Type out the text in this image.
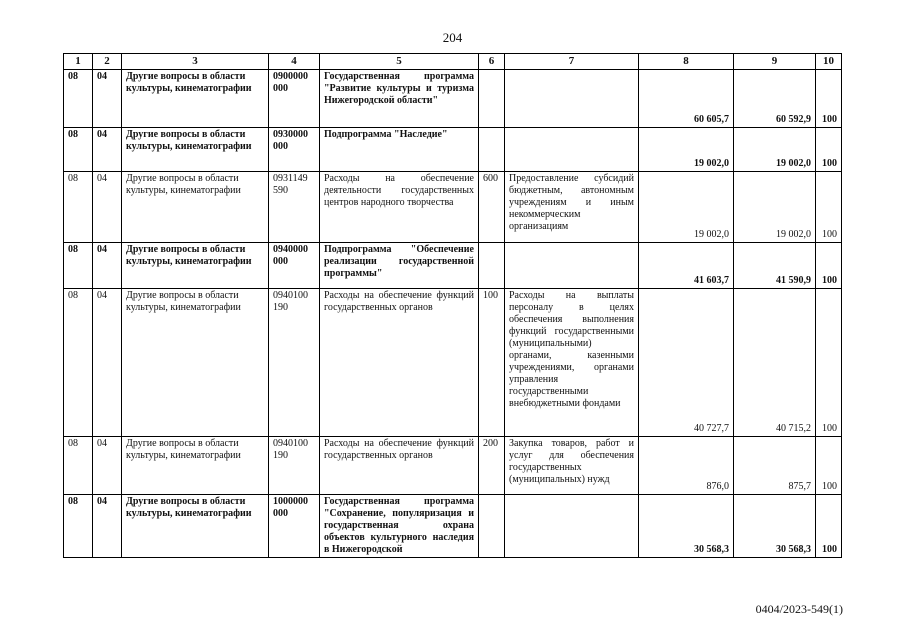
204
1	2	3	4	5	6	7	8	9	10
08	04	Другие вопросы в области культуры, кинематографии	0900000 000	Государственная программа "Развитие культуры и туризма Нижегородской области"			60 605,7	60 592,9	100
08	04	Другие вопросы в области культуры, кинематографии	0930000 000	Подпрограмма "Наследие"			19 002,0	19 002,0	100
08	04	Другие вопросы в области культуры, кинематографии	0931149 590	Расходы на обеспечение деятельности государственных центров народного творчества	600	Предоставление субсидий бюджетным, автономным учреждениям и иным некоммерческим организациям	19 002,0	19 002,0	100
08	04	Другие вопросы в области культуры, кинематографии	0940000 000	Подпрограмма "Обеспечение реализации государственной программы"			41 603,7	41 590,9	100
08	04	Другие вопросы в области культуры, кинематографии	0940100 190	Расходы на обеспечение функций государственных органов	100	Расходы на выплаты персоналу в целях обеспечения выполнения функций государственными (муниципальными) органами, казенными учреждениями, органами управления государственными внебюджетными фондами	40 727,7	40 715,2	100
08	04	Другие вопросы в области культуры, кинематографии	0940100 190	Расходы на обеспечение функций государственных органов	200	Закупка товаров, работ и услуг для обеспечения государственных (муниципальных) нужд	876,0	875,7	100
08	04	Другие вопросы в области культуры, кинематографии	1000000 000	Государственная программа "Сохранение, популяризация и государственная охрана объектов культурного наследия в Нижегородской			30 568,3	30 568,3	100
0404/2023-549(1)
